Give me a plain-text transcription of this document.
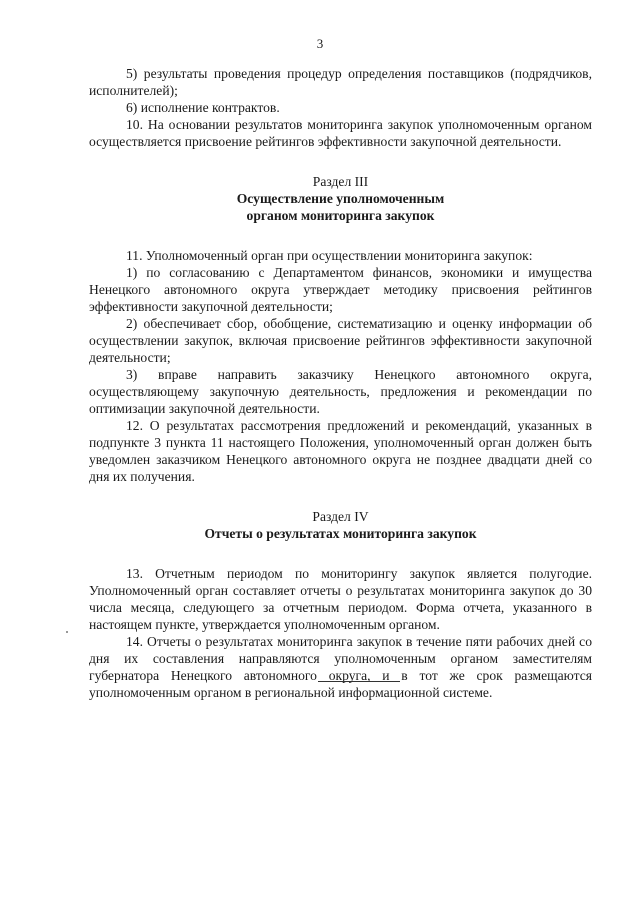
3

5) результаты проведения процедур определения поставщиков (подрядчиков, исполнителей);

6) исполнение контрактов.

10. На основании результатов мониторинга закупок уполномоченным органом осуществляется присвоение рейтингов эффективности закупочной деятельности.

Раздел III

Осуществление уполномоченным

органом мониторинга закупок

11. Уполномоченный орган при осуществлении мониторинга закупок:

1) по согласованию с Департаментом финансов, экономики и имущества Ненецкого автономного округа утверждает методику присвоения рейтингов эффективности закупочной деятельности;

2) обеспечивает сбор, обобщение, систематизацию и оценку информации об осуществлении закупок, включая присвоение рейтингов эффективности закупочной деятельности;

3) вправе направить заказчику Ненецкого автономного округа, осуществляющему закупочную деятельность, предложения и рекомендации по оптимизации закупочной деятельности.

12. О результатах рассмотрения предложений и рекомендаций, указанных в подпункте 3 пункта 11 настоящего Положения, уполномоченный орган должен быть уведомлен заказчиком Ненецкого автономного округа не позднее двадцати дней со дня их получения.

Раздел IV

Отчеты о результатах мониторинга закупок

13. Отчетным периодом по мониторингу закупок является полугодие. Уполномоченный орган составляет отчеты о результатах мониторинга закупок до 30 числа месяца, следующего за отчетным периодом. Форма отчета, указанного в настоящем пункте, утверждается уполномоченным органом.

14. Отчеты о результатах мониторинга закупок в течение пяти рабочих дней со дня их составления направляются уполномоченным органом заместителям губернатора Ненецкого автономного округа, и в тот же срок размещаются уполномоченным органом в региональной информационной системе.
